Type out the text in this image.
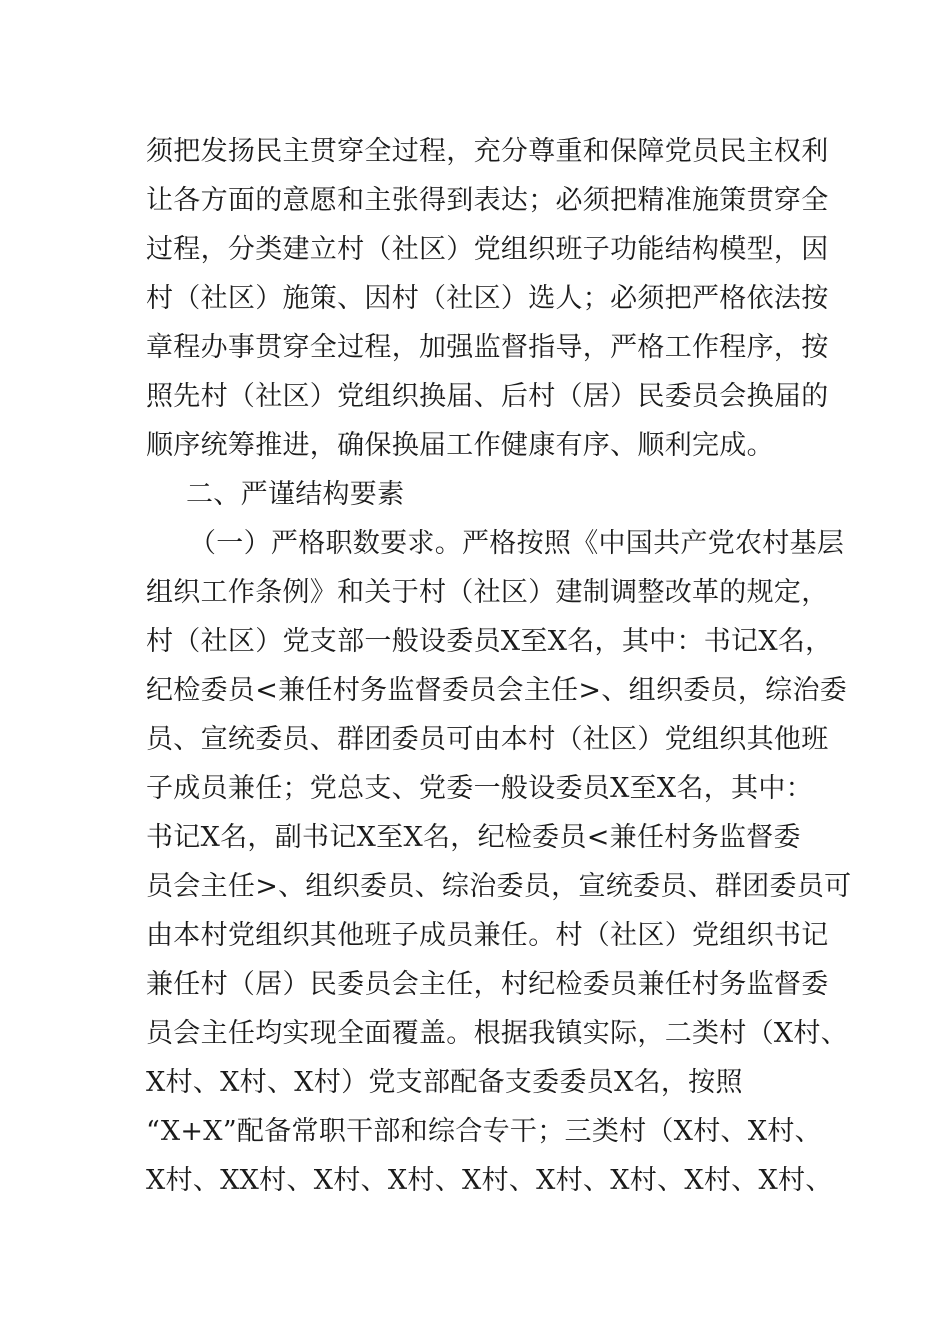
须把发扬民主贯穿全过程，充分尊重和保障党员民主权利
让各方面的意愿和主张得到表达；必须把精准施策贯穿全
过程，分类建立村（社区）党组织班子功能结构模型，因
村（社区）施策、因村（社区）选人；必须把严格依法按
章程办事贯穿全过程，加强监督指导，严格工作程序，按
照先村（社区）党组织换届、后村（居）民委员会换届的
顺序统筹推进，确保换届工作健康有序、顺利完成。
二、严谨结构要素
（一）严格职数要求。严格按照《中国共产党农村基层
组织工作条例》和关于村（社区）建制调整改革的规定，
村（社区）党支部一般设委员X至X名，其中：书记X名，
纪检委员<兼任村务监督委员会主任>、组织委员，综治委
员、宣统委员、群团委员可由本村（社区）党组织其他班
子成员兼任；党总支、党委一般设委员X至X名，其中：
书记X名，副书记X至X名，纪检委员<兼任村务监督委
员会主任>、组织委员、综治委员，宣统委员、群团委员可
由本村党组织其他班子成员兼任。村（社区）党组织书记
兼任村（居）民委员会主任，村纪检委员兼任村务监督委
员会主任均实现全面覆盖。根据我镇实际，二类村（X村、
X村、X村、X村）党支部配备支委委员X名，按照
“X+X”配备常职干部和综合专干；三类村（X村、X村、
X村、XX村、X村、X村、X村、X村、X村、X村、X村、
